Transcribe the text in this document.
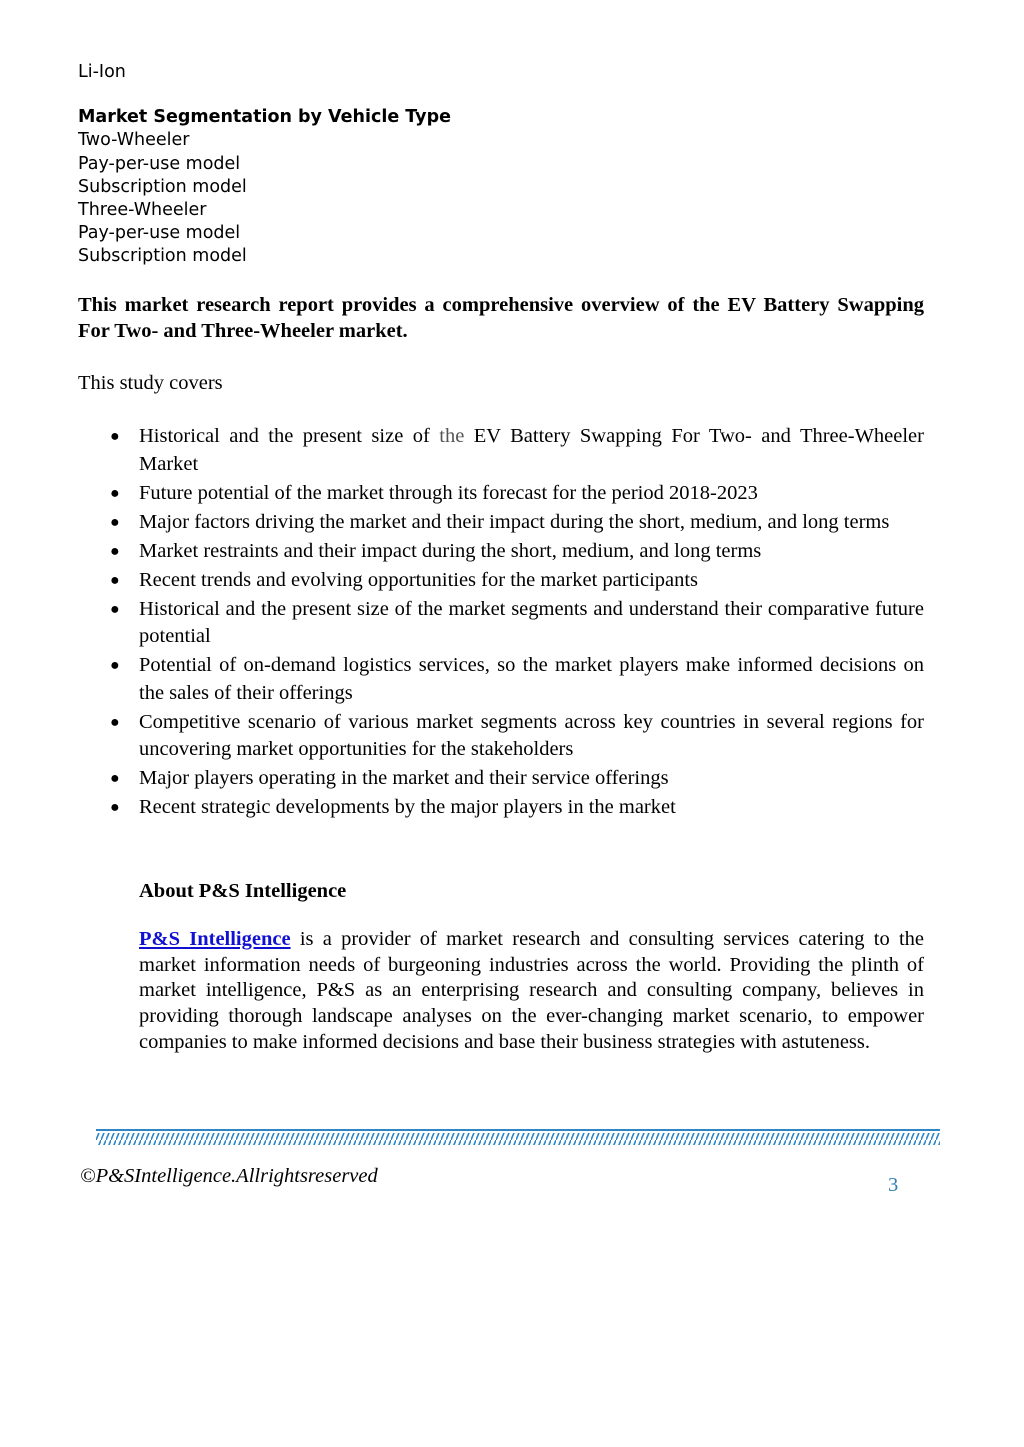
Li-Ion
Market Segmentation by Vehicle Type
Two-Wheeler
Pay-per-use model
Subscription model
Three-Wheeler
Pay-per-use model
Subscription model

This market research report provides a comprehensive overview of the EV Battery Swapping For Two- and Three-Wheeler market.

This study covers

● Historical and the present size of the EV Battery Swapping For Two- and Three-Wheeler Market
● Future potential of the market through its forecast for the period 2018-2023
● Major factors driving the market and their impact during the short, medium, and long terms
● Market restraints and their impact during the short, medium, and long terms
● Recent trends and evolving opportunities for the market participants
● Historical and the present size of the market segments and understand their comparative future potential
● Potential of on-demand logistics services, so the market players make informed decisions on the sales of their offerings
● Competitive scenario of various market segments across key countries in several regions for uncovering market opportunities for the stakeholders
● Major players operating in the market and their service offerings
● Recent strategic developments by the major players in the market

About P&S Intelligence

P&S Intelligence is a provider of market research and consulting services catering to the market information needs of burgeoning industries across the world. Providing the plinth of market intelligence, P&S as an enterprising research and consulting company, believes in providing thorough landscape analyses on the ever-changing market scenario, to empower companies to make informed decisions and base their business strategies with astuteness.

©P&SIntelligence.Allrightsreserved	3
